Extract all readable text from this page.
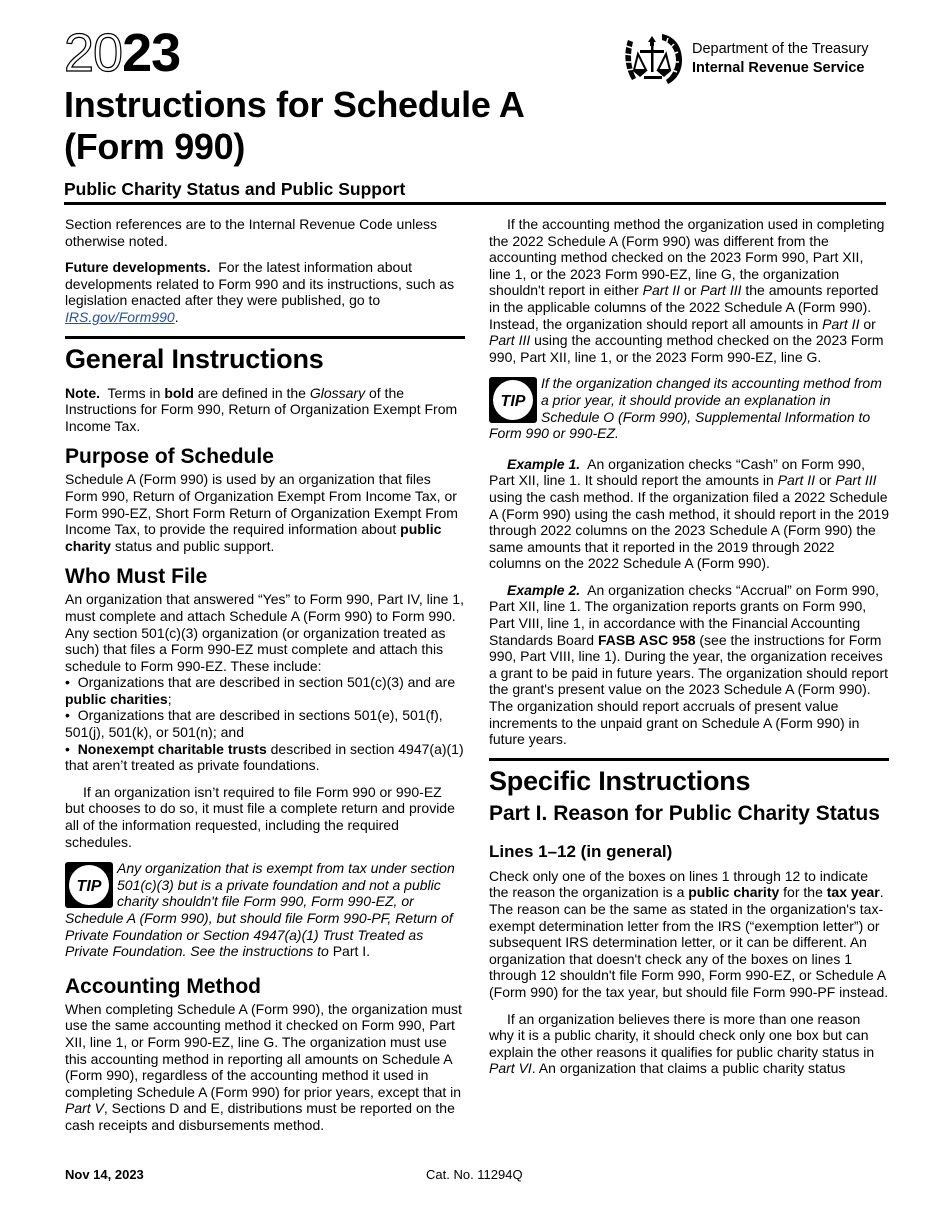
2023
Instructions for Schedule A
(Form 990)
Public Charity Status and Public Support
Department of the Treasury
Internal Revenue Service

Section references are to the Internal Revenue Code unless otherwise noted.

Future developments. For the latest information about developments related to Form 990 and its instructions, such as legislation enacted after they were published, go to IRS.gov/Form990.

General Instructions

Note. Terms in bold are defined in the Glossary of the Instructions for Form 990, Return of Organization Exempt From Income Tax.

Purpose of Schedule

Schedule A (Form 990) is used by an organization that files Form 990, Return of Organization Exempt From Income Tax, or Form 990-EZ, Short Form Return of Organization Exempt From Income Tax, to provide the required information about public charity status and public support.

Who Must File

An organization that answered “Yes” to Form 990, Part IV, line 1, must complete and attach Schedule A (Form 990) to Form 990. Any section 501(c)(3) organization (or organization treated as such) that files a Form 990-EZ must complete and attach this schedule to Form 990-EZ. These include:

•  Organizations that are described in section 501(c)(3) and are public charities;
•  Organizations that are described in sections 501(e), 501(f), 501(j), 501(k), or 501(n); and
•  Nonexempt charitable trusts described in section 4947(a)(1) that aren’t treated as private foundations.

If an organization isn’t required to file Form 990 or 990-EZ but chooses to do so, it must file a complete return and provide all of the information requested, including the required schedules.

TIP
Any organization that is exempt from tax under section 501(c)(3) but is a private foundation and not a public charity shouldn't file Form 990, Form 990-EZ, or Schedule A (Form 990), but should file Form 990-PF, Return of Private Foundation or Section 4947(a)(1) Trust Treated as Private Foundation. See the instructions to Part I.
Accounting Method

When completing Schedule A (Form 990), the organization must use the same accounting method it checked on Form 990, Part XII, line 1, or Form 990-EZ, line G. The organization must use this accounting method in reporting all amounts on Schedule A (Form 990), regardless of the accounting method it used in completing Schedule A (Form 990) for prior years, except that in Part V, Sections D and E, distributions must be reported on the cash receipts and disbursements method.

If the accounting method the organization used in completing the 2022 Schedule A (Form 990) was different from the accounting method checked on the 2023 Form 990, Part XII, line 1, or the 2023 Form 990-EZ, line G, the organization shouldn't report in either Part II or Part III the amounts reported in the applicable columns of the 2022 Schedule A (Form 990). Instead, the organization should report all amounts in Part II or Part III using the accounting method checked on the 2023 Form 990, Part XII, line 1, or the 2023 Form 990-EZ, line G.

TIP
If the organization changed its accounting method from a prior year, it should provide an explanation in Schedule O (Form 990), Supplemental Information to Form 990 or 990-EZ.

Example 1. An organization checks “Cash” on Form 990, Part XII, line 1. It should report the amounts in Part II or Part III using the cash method. If the organization filed a 2022 Schedule A (Form 990) using the cash method, it should report in the 2019 through 2022 columns on the 2023 Schedule A (Form 990) the same amounts that it reported in the 2019 through 2022 columns on the 2022 Schedule A (Form 990).

Example 2. An organization checks “Accrual” on Form 990, Part XII, line 1. The organization reports grants on Form 990, Part VIII, line 1, in accordance with the Financial Accounting Standards Board FASB ASC 958 (see the instructions for Form 990, Part VIII, line 1). During the year, the organization receives a grant to be paid in future years. The organization should report the grant's present value on the 2023 Schedule A (Form 990). The organization should report accruals of present value increments to the unpaid grant on Schedule A (Form 990) in future years.

Specific Instructions
Part I. Reason for Public Charity Status
Lines 1–12 (in general)

Check only one of the boxes on lines 1 through 12 to indicate the reason the organization is a public charity for the tax year. The reason can be the same as stated in the organization's tax-exempt determination letter from the IRS (“exemption letter”) or subsequent IRS determination letter, or it can be different. An organization that doesn't check any of the boxes on lines 1 through 12 shouldn't file Form 990, Form 990-EZ, or Schedule A (Form 990) for the tax year, but should file Form 990-PF instead.

If an organization believes there is more than one reason why it is a public charity, it should check only one box but can explain the other reasons it qualifies for public charity status in Part VI. An organization that claims a public charity status

Nov 14, 2023	Cat. No. 11294Q
